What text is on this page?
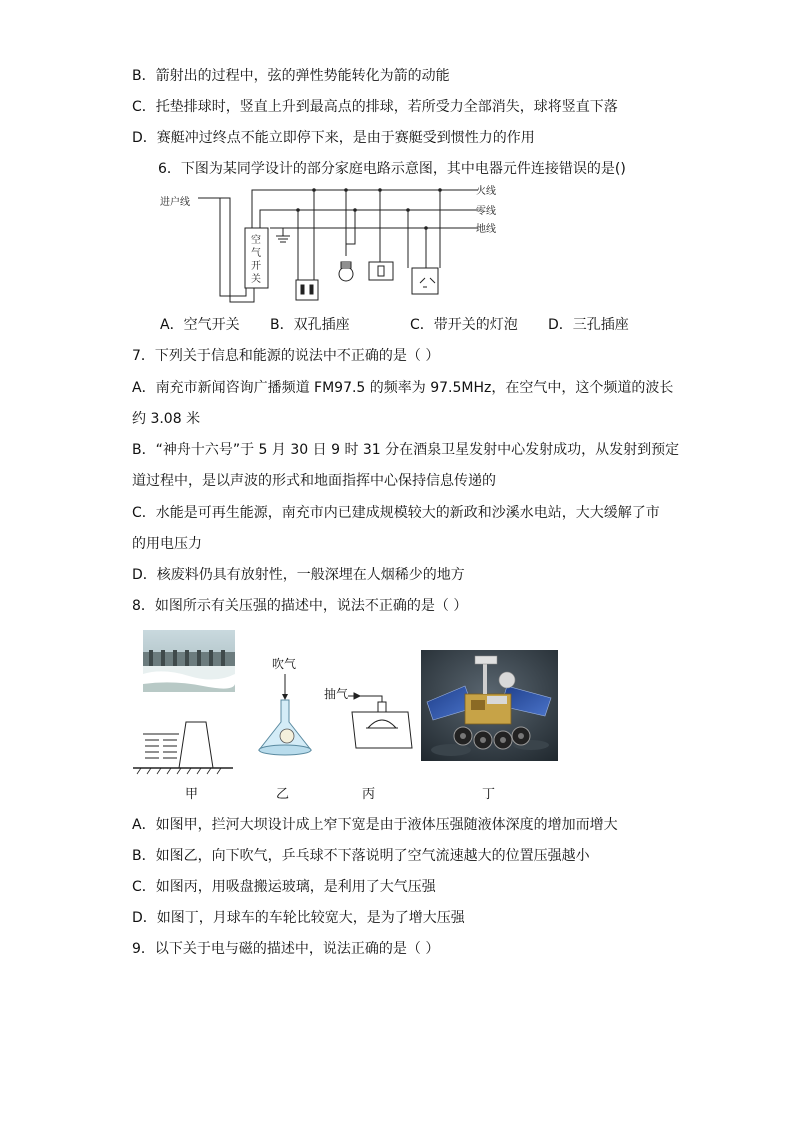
B．箭射出的过程中，弦的弹性势能转化为箭的动能
C．托垫排球时，竖直上升到最高点的排球，若所受力全部消失，球将竖直下落
D．赛艇冲过终点不能立即停下来，是由于赛艇受到惯性力的作用
6．下图为某同学设计的部分家庭电路示意图，其中电器元件连接错误的是()
进户线
火线
零线
地线
空
气
开
关
A．空气开关 B．双孔插座	C．带开关的灯泡 D．三孔插座
7．下列关于信息和能源的说法中不正确的是（ ）
A．南充市新闻咨询广播频道 FM97.5 的频率为 97.5MHz，在空气中，这个频道的波长
约 3.08 米
B．“神舟十六号”于 5 月 30 日 9 时 31 分在酒泉卫星发射中心发射成功，从发射到预定
道过程中，是以声波的形式和地面指挥中心保持信息传递的
C．水能是可再生能源，南充市内已建成规模较大的新政和沙溪水电站，大大缓解了市
的用电压力
D．核废料仍具有放射性，一般深埋在人烟稀少的地方
8．如图所示有关压强的描述中，说法不正确的是（ ）
吹气
抽气
甲	乙	丙	丁
A．如图甲，拦河大坝设计成上窄下宽是由于液体压强随液体深度的增加而增大
B．如图乙，向下吹气，乒乓球不下落说明了空气流速越大的位置压强越小
C．如图丙，用吸盘搬运玻璃，是利用了大气压强
D．如图丁，月球车的车轮比较宽大，是为了增大压强
9．以下关于电与磁的描述中，说法正确的是（ ）
